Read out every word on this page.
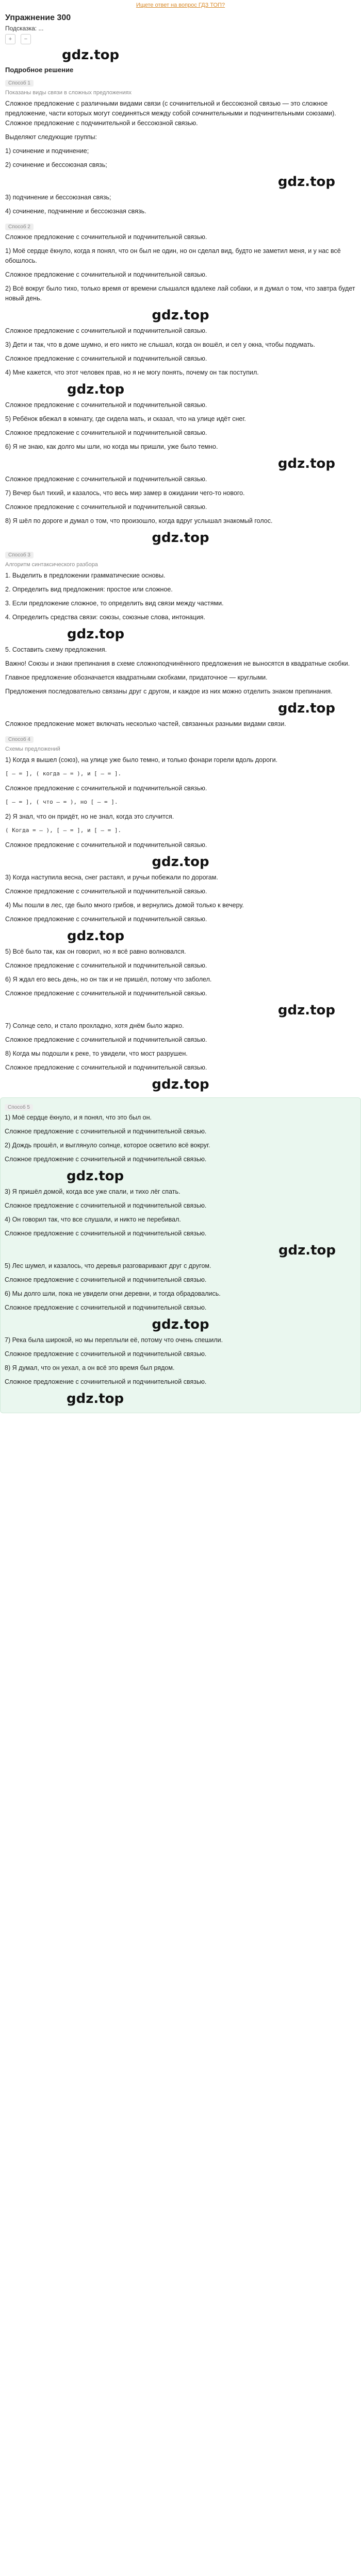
Ищете ответ на вопрос ГДЗ ТОП?
Упражнение 300
Подсказка: ...
+	−
gdz.top
Подробное решение
Способ 1
Показаны виды связи в сложных предложениях

Сложное предложение с различными видами связи (с сочинительной и бессоюзной связью — это сложное предложение, части которых могут соединяться между собой сочинительными и подчинительными союзами). Сложное предложение с подчинительной и бессоюзной связью.

Выделяют следующие группы:

1) сочинение и подчинение;

2) сочинение и бессоюзная связь;

gdz.top

3) подчинение и бессоюзная связь;

4) сочинение, подчинение и бессоюзная связь.

Способ 2

Сложное предложение с сочинительной и подчинительной связью.

1) Моё сердце ёкнуло, когда я понял, что он был не один, но он сделал вид, будто не заметил меня, и у нас всё обошлось.

Сложное предложение с сочинительной и подчинительной связью.

2) Всё вокруг было тихо, только время от времени слышался вдалеке лай собаки, и я думал о том, что завтра будет новый день.

gdz.top

Сложное предложение с сочинительной и подчинительной связью.

3) Дети и так, что в доме шумно, и его никто не слышал, когда он вошёл, и сел у окна, чтобы подумать.

Сложное предложение с сочинительной и подчинительной связью.

4) Мне кажется, что этот человек прав, но я не могу понять, почему он так поступил.

gdz.top

Сложное предложение с сочинительной и подчинительной связью.

5) Ребёнок вбежал в комнату, где сидела мать, и сказал, что на улице идёт снег.

Сложное предложение с сочинительной и подчинительной связью.

6) Я не знаю, как долго мы шли, но когда мы пришли, уже было темно.

gdz.top

Сложное предложение с сочинительной и подчинительной связью.

7) Вечер был тихий, и казалось, что весь мир замер в ожидании чего-то нового.

Сложное предложение с сочинительной и подчинительной связью.

8) Я шёл по дороге и думал о том, что произошло, когда вдруг услышал знакомый голос.

gdz.top
Способ 3
Алгоритм синтаксического разбора

1. Выделить в предложении грамматические основы.

2. Определить вид предложения: простое или сложное.

3. Если предложение сложное, то определить вид связи между частями.

4. Определить средства связи: союзы, союзные слова, интонация.

gdz.top

5. Составить схему предложения.

Важно! Союзы и знаки препинания в схеме сложноподчинённого предложения не выносятся в квадратные скобки.

Главное предложение обозначается квадратными скобками, придаточное — круглыми.

Предложения последовательно связаны друг с другом, и каждое из них можно отделить знаком препинания.

gdz.top

Сложное предложение может включать несколько частей, связанных разными видами связи.

Способ 4
Схемы предложений

1) Когда я вышел (союз), на улице уже было темно, и только фонари горели вдоль дороги.

[ — = ], ( когда — = ), и [ — = ].

Сложное предложение с сочинительной и подчинительной связью.

[ — = ], ( что — = ), но [ — = ].

2) Я знал, что он придёт, но не знал, когда это случится.

( Когда = — ), [ — = ], и [ — = ].

Сложное предложение с сочинительной и подчинительной связью.

gdz.top

3) Когда наступила весна, снег растаял, и ручьи побежали по дорогам.

Сложное предложение с сочинительной и подчинительной связью.

4) Мы пошли в лес, где было много грибов, и вернулись домой только к вечеру.

Сложное предложение с сочинительной и подчинительной связью.

gdz.top

5) Всё было так, как он говорил, но я всё равно волновался.

Сложное предложение с сочинительной и подчинительной связью.

6) Я ждал его весь день, но он так и не пришёл, потому что заболел.

Сложное предложение с сочинительной и подчинительной связью.

gdz.top

7) Солнце село, и стало прохладно, хотя днём было жарко.

Сложное предложение с сочинительной и подчинительной связью.

8) Когда мы подошли к реке, то увидели, что мост разрушен.

Сложное предложение с сочинительной и подчинительной связью.

gdz.top
Способ 5

1) Моё сердце ёкнуло, и я понял, что это был он.

Сложное предложение с сочинительной и подчинительной связью.

2) Дождь прошёл, и выглянуло солнце, которое осветило всё вокруг.

Сложное предложение с сочинительной и подчинительной связью.

gdz.top

3) Я пришёл домой, когда все уже спали, и тихо лёг спать.

Сложное предложение с сочинительной и подчинительной связью.

4) Он говорил так, что все слушали, и никто не перебивал.

Сложное предложение с сочинительной и подчинительной связью.

gdz.top

5) Лес шумел, и казалось, что деревья разговаривают друг с другом.

Сложное предложение с сочинительной и подчинительной связью.

6) Мы долго шли, пока не увидели огни деревни, и тогда обрадовались.

Сложное предложение с сочинительной и подчинительной связью.

gdz.top

7) Река была широкой, но мы переплыли её, потому что очень спешили.

Сложное предложение с сочинительной и подчинительной связью.

8) Я думал, что он уехал, а он всё это время был рядом.

Сложное предложение с сочинительной и подчинительной связью.

gdz.top
